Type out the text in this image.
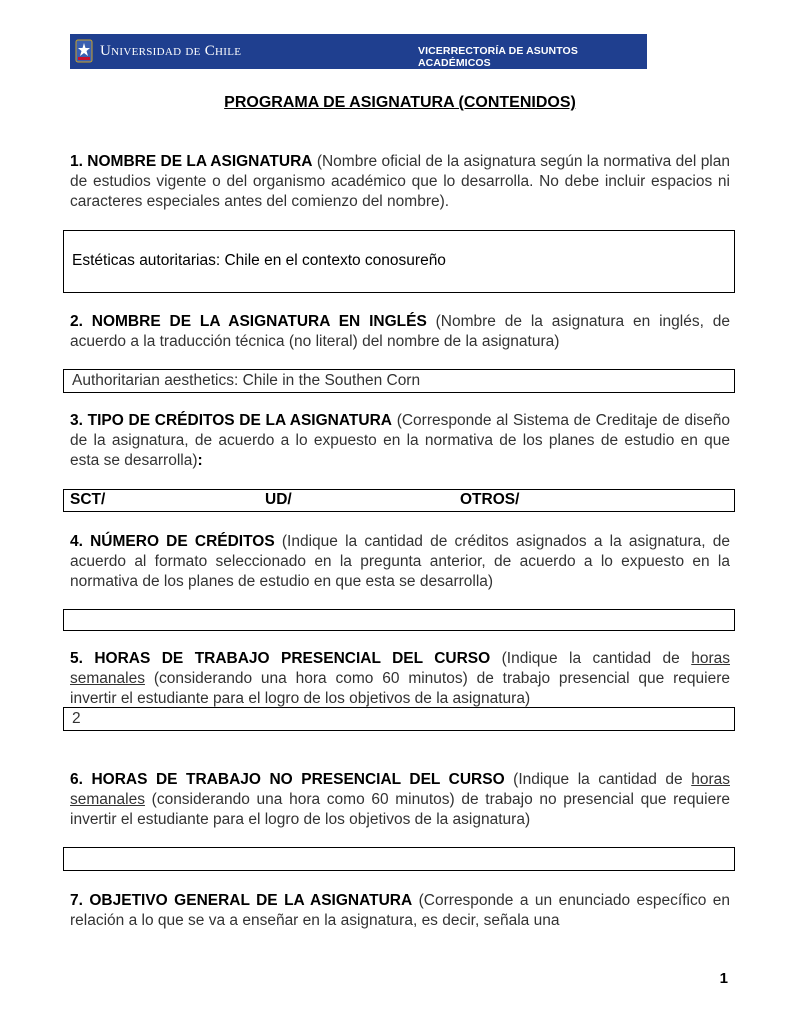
Universidad de Chile	VICERRECTORÍA DE ASUNTOS ACADÉMICOS
PROGRAMA DE ASIGNATURA (CONTENIDOS)
1. NOMBRE DE LA ASIGNATURA (Nombre oficial de la asignatura según la normativa del plan de estudios vigente o del organismo académico que lo desarrolla. No debe incluir espacios ni caracteres especiales antes del comienzo del nombre).
Estéticas autoritarias: Chile en el contexto conosureño
2. NOMBRE DE LA ASIGNATURA EN INGLÉS (Nombre de la asignatura en inglés, de acuerdo a la traducción técnica (no literal) del nombre de la asignatura)
Authoritarian aesthetics: Chile in the Southen Corn
3. TIPO DE CRÉDITOS DE LA ASIGNATURA (Corresponde al Sistema de Creditaje de diseño de la asignatura, de acuerdo a lo expuesto en la normativa de los planes de estudio en que esta se desarrolla):
SCT/	UD/	OTROS/
4. NÚMERO DE CRÉDITOS (Indique la cantidad de créditos asignados a la asignatura, de acuerdo al formato seleccionado en la pregunta anterior, de acuerdo a lo expuesto en la normativa de los planes de estudio en que esta se desarrolla)
5. HORAS DE TRABAJO PRESENCIAL DEL CURSO (Indique la cantidad de horas semanales (considerando una hora como 60 minutos) de trabajo presencial que requiere invertir el estudiante para el logro de los objetivos de la asignatura)
2
6. HORAS DE TRABAJO NO PRESENCIAL DEL CURSO (Indique la cantidad de horas semanales (considerando una hora como 60 minutos) de trabajo no presencial que requiere invertir el estudiante para el logro de los objetivos de la asignatura)
7. OBJETIVO GENERAL DE LA ASIGNATURA (Corresponde a un enunciado específico en relación a lo que se va a enseñar en la asignatura, es decir, señala una
1
